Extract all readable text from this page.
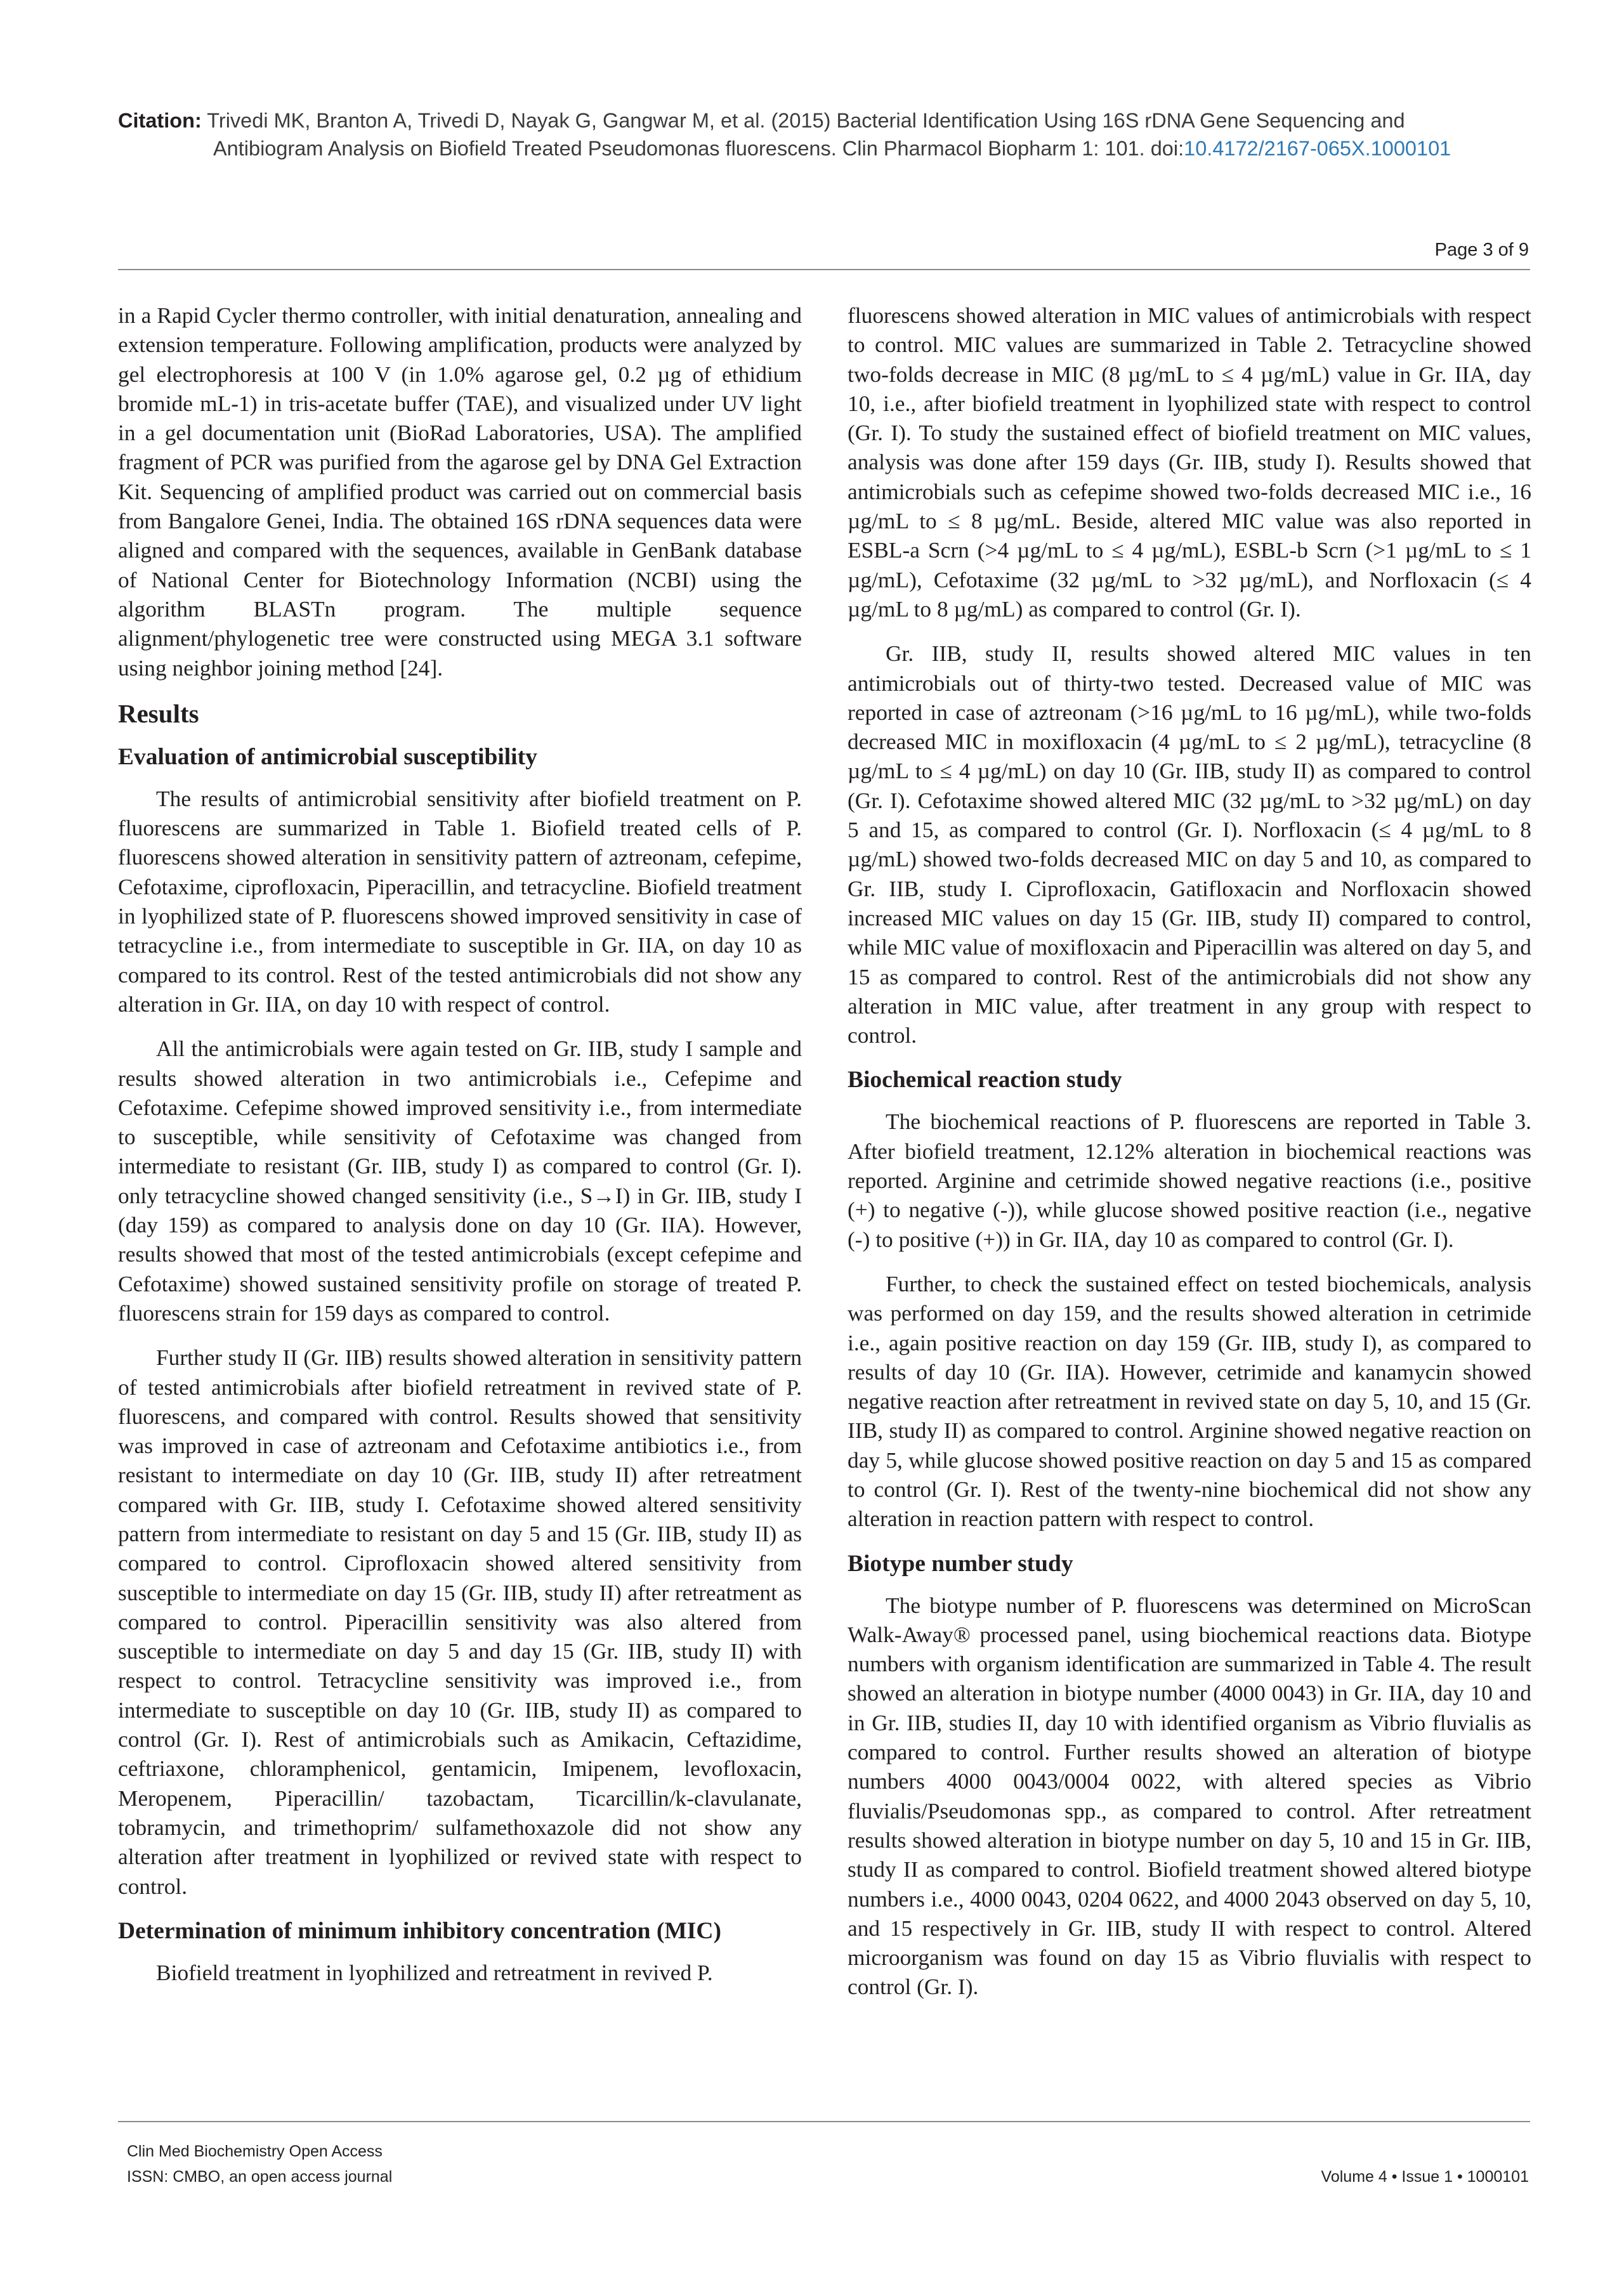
Citation: Trivedi MK, Branton A, Trivedi D, Nayak G, Gangwar M, et al. (2015) Bacterial Identification Using 16S rDNA Gene Sequencing and
Antibiogram Analysis on Biofield Treated Pseudomonas fluorescens. Clin Pharmacol Biopharm 1: 101. doi:10.4172/2167-065X.1000101
Page 3 of 9

in a Rapid Cycler thermo controller, with initial denaturation, annealing and extension temperature. Following amplification, products were analyzed by gel electrophoresis at 100 V (in 1.0% agarose gel, 0.2 µg of ethidium bromide mL-1) in tris-acetate buffer (TAE), and visualized under UV light in a gel documentation unit (BioRad Laboratories, USA). The amplified fragment of PCR was purified from the agarose gel by DNA Gel Extraction Kit. Sequencing of amplified product was carried out on commercial basis from Bangalore Genei, India. The obtained 16S rDNA sequences data were aligned and compared with the sequences, available in GenBank database of National Center for Biotechnology Information (NCBI) using the algorithm BLASTn program. The multiple sequence alignment/phylogenetic tree were constructed using MEGA 3.1 software using neighbor joining method [24].

Results
Evaluation of antimicrobial susceptibility

The results of antimicrobial sensitivity after biofield treatment on P. fluorescens are summarized in Table 1. Biofield treated cells of P. fluorescens showed alteration in sensitivity pattern of aztreonam, cefepime, Cefotaxime, ciprofloxacin, Piperacillin, and tetracycline. Biofield treatment in lyophilized state of P. fluorescens showed improved sensitivity in case of tetracycline i.e., from intermediate to susceptible in Gr. IIA, on day 10 as compared to its control. Rest of the tested antimicrobials did not show any alteration in Gr. IIA, on day 10 with respect of control.

All the antimicrobials were again tested on Gr. IIB, study I sample and results showed alteration in two antimicrobials i.e., Cefepime and Cefotaxime. Cefepime showed improved sensitivity i.e., from intermediate to susceptible, while sensitivity of Cefotaxime was changed from intermediate to resistant (Gr. IIB, study I) as compared to control (Gr. I). only tetracycline showed changed sensitivity (i.e., S→I) in Gr. IIB, study I (day 159) as compared to analysis done on day 10 (Gr. IIA). However, results showed that most of the tested antimicrobials (except cefepime and Cefotaxime) showed sustained sensitivity profile on storage of treated P. fluorescens strain for 159 days as compared to control.

Further study II (Gr. IIB) results showed alteration in sensitivity pattern of tested antimicrobials after biofield retreatment in revived state of P. fluorescens, and compared with control. Results showed that sensitivity was improved in case of aztreonam and Cefotaxime antibiotics i.e., from resistant to intermediate on day 10 (Gr. IIB, study II) after retreatment compared with Gr. IIB, study I. Cefotaxime showed altered sensitivity pattern from intermediate to resistant on day 5 and 15 (Gr. IIB, study II) as compared to control. Ciprofloxacin showed altered sensitivity from susceptible to intermediate on day 15 (Gr. IIB, study II) after retreatment as compared to control. Piperacillin sensitivity was also altered from susceptible to intermediate on day 5 and day 15 (Gr. IIB, study II) with respect to control. Tetracycline sensitivity was improved i.e., from intermediate to susceptible on day 10 (Gr. IIB, study II) as compared to control (Gr. I). Rest of antimicrobials such as Amikacin, Ceftazidime, ceftriaxone, chloramphenicol, gentamicin, Imipenem, levofloxacin, Meropenem, Piperacillin/ tazobactam, Ticarcillin/k-clavulanate, tobramycin, and trimethoprim/ sulfamethoxazole did not show any alteration after treatment in lyophilized or revived state with respect to control.

Determination of minimum inhibitory concentration (MIC)

Biofield treatment in lyophilized and retreatment in revived P.

fluorescens showed alteration in MIC values of antimicrobials with respect to control. MIC values are summarized in Table 2. Tetracycline showed two-folds decrease in MIC (8 µg/mL to ≤ 4 µg/mL) value in Gr. IIA, day 10, i.e., after biofield treatment in lyophilized state with respect to control (Gr. I). To study the sustained effect of biofield treatment on MIC values, analysis was done after 159 days (Gr. IIB, study I). Results showed that antimicrobials such as cefepime showed two-folds decreased MIC i.e., 16 µg/mL to ≤ 8 µg/mL. Beside, altered MIC value was also reported in ESBL-a Scrn (>4 µg/mL to ≤ 4 µg/mL), ESBL-b Scrn (>1 µg/mL to ≤ 1 µg/mL), Cefotaxime (32 µg/mL to >32 µg/mL), and Norfloxacin (≤ 4 µg/mL to 8 µg/mL) as compared to control (Gr. I).

Gr. IIB, study II, results showed altered MIC values in ten antimicrobials out of thirty-two tested. Decreased value of MIC was reported in case of aztreonam (>16 µg/mL to 16 µg/mL), while two-folds decreased MIC in moxifloxacin (4 µg/mL to ≤ 2 µg/mL), tetracycline (8 µg/mL to ≤ 4 µg/mL) on day 10 (Gr. IIB, study II) as compared to control (Gr. I). Cefotaxime showed altered MIC (32 µg/mL to >32 µg/mL) on day 5 and 15, as compared to control (Gr. I). Norfloxacin (≤ 4 µg/mL to 8 µg/mL) showed two-folds decreased MIC on day 5 and 10, as compared to Gr. IIB, study I. Ciprofloxacin, Gatifloxacin and Norfloxacin showed increased MIC values on day 15 (Gr. IIB, study II) compared to control, while MIC value of moxifloxacin and Piperacillin was altered on day 5, and 15 as compared to control. Rest of the antimicrobials did not show any alteration in MIC value, after treatment in any group with respect to control.

Biochemical reaction study

The biochemical reactions of P. fluorescens are reported in Table 3. After biofield treatment, 12.12% alteration in biochemical reactions was reported. Arginine and cetrimide showed negative reactions (i.e., positive (+) to negative (-)), while glucose showed positive reaction (i.e., negative (-) to positive (+)) in Gr. IIA, day 10 as compared to control (Gr. I).

Further, to check the sustained effect on tested biochemicals, analysis was performed on day 159, and the results showed alteration in cetrimide i.e., again positive reaction on day 159 (Gr. IIB, study I), as compared to results of day 10 (Gr. IIA). However, cetrimide and kanamycin showed negative reaction after retreatment in revived state on day 5, 10, and 15 (Gr. IIB, study II) as compared to control. Arginine showed negative reaction on day 5, while glucose showed positive reaction on day 5 and 15 as compared to control (Gr. I). Rest of the twenty-nine biochemical did not show any alteration in reaction pattern with respect to control.

Biotype number study

The biotype number of P. fluorescens was determined on MicroScan Walk-Away® processed panel, using biochemical reactions data. Biotype numbers with organism identification are summarized in Table 4. The result showed an alteration in biotype number (4000 0043) in Gr. IIA, day 10 and in Gr. IIB, studies II, day 10 with identified organism as Vibrio fluvialis as compared to control. Further results showed an alteration of biotype numbers 4000 0043/0004 0022, with altered species as Vibrio fluvialis/Pseudomonas spp., as compared to control. After retreatment results showed alteration in biotype number on day 5, 10 and 15 in Gr. IIB, study II as compared to control. Biofield treatment showed altered biotype numbers i.e., 4000 0043, 0204 0622, and 4000 2043 observed on day 5, 10, and 15 respectively in Gr. IIB, study II with respect to control. Altered microorganism was found on day 15 as Vibrio fluvialis with respect to control (Gr. I).

Clin Med Biochemistry Open Access
ISSN: CMBO, an open access journal	Volume 4 • Issue 1 • 1000101
